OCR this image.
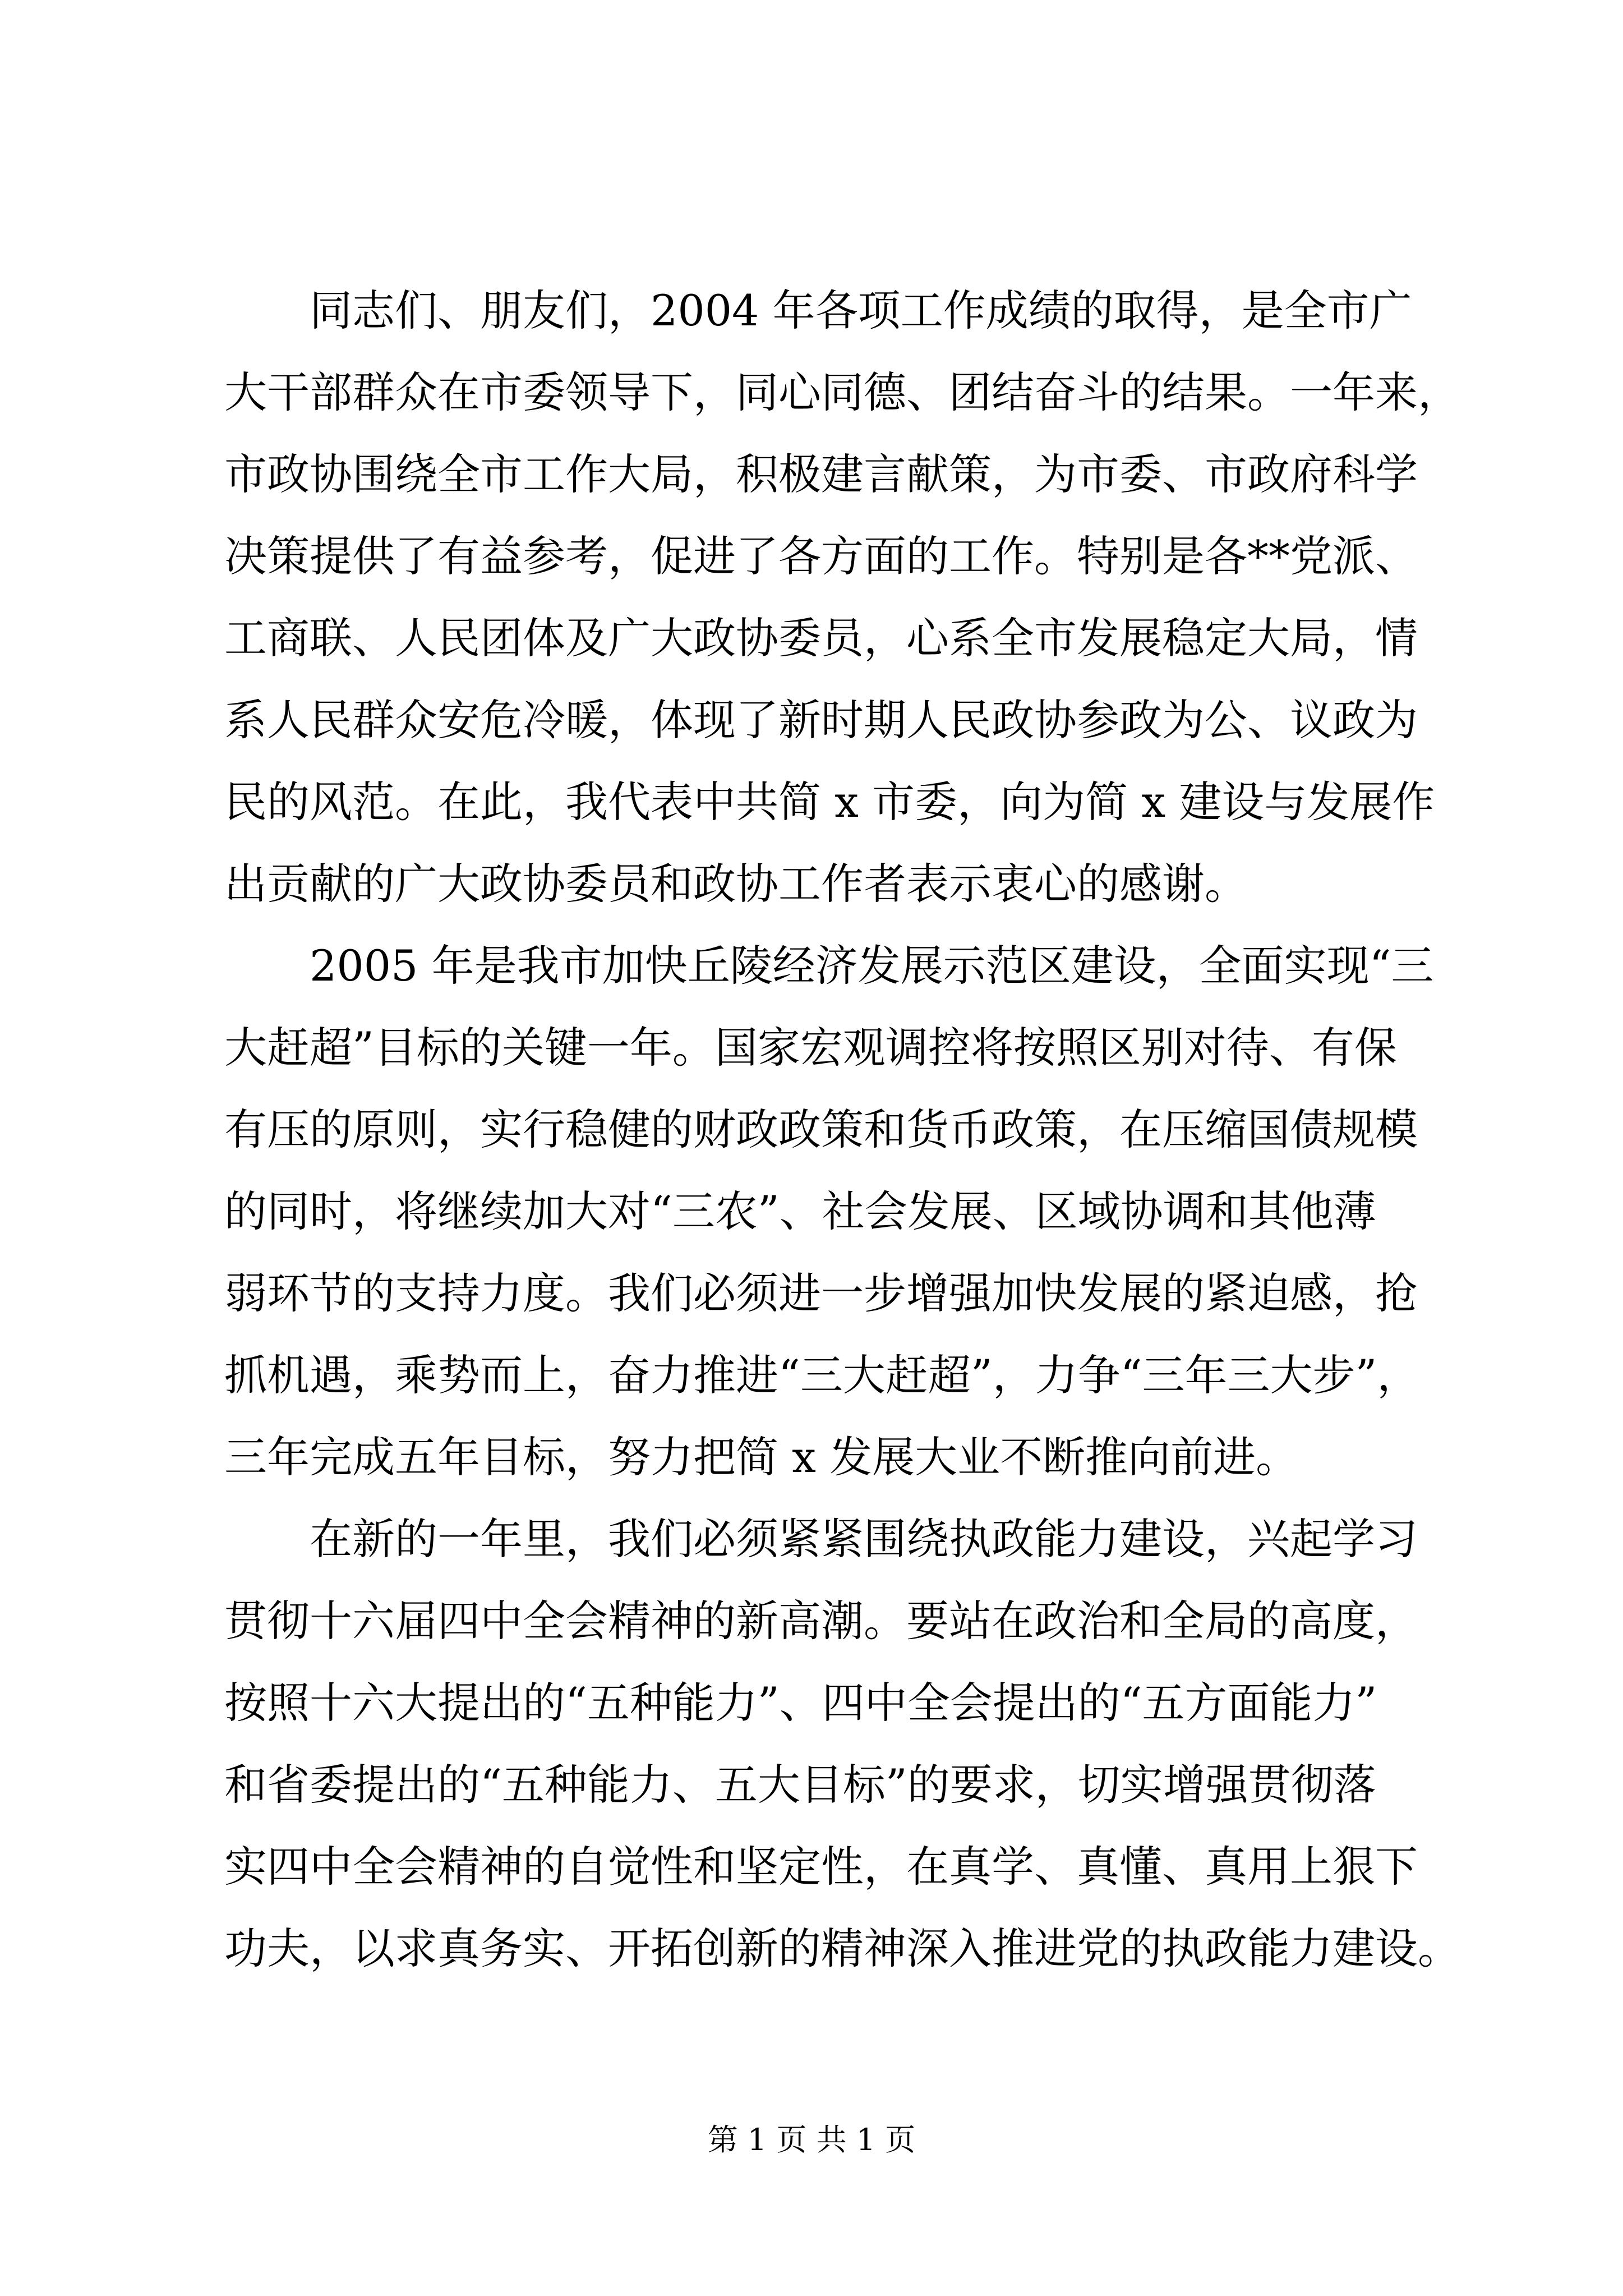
同志们、朋友们，2004 年各项工作成绩的取得，是全市广
大干部群众在市委领导下，同心同德、团结奋斗的结果。一年来，
市政协围绕全市工作大局，积极建言献策，为市委、市政府科学
决策提供了有益参考，促进了各方面的工作。特别是各**党派、
工商联、人民团体及广大政协委员，心系全市发展稳定大局，情
系人民群众安危冷暖，体现了新时期人民政协参政为公、议政为
民的风范。在此，我代表中共简 x 市委，向为简 x 建设与发展作
出贡献的广大政协委员和政协工作者表示衷心的感谢。
2005 年是我市加快丘陵经济发展示范区建设，全面实现“三
大赶超”目标的关键一年。国家宏观调控将按照区别对待、有保
有压的原则，实行稳健的财政政策和货币政策，在压缩国债规模
的同时，将继续加大对“三农”、社会发展、区域协调和其他薄
弱环节的支持力度。我们必须进一步增强加快发展的紧迫感，抢
抓机遇，乘势而上，奋力推进“三大赶超”，力争“三年三大步”，
三年完成五年目标，努力把简 x 发展大业不断推向前进。
在新的一年里，我们必须紧紧围绕执政能力建设，兴起学习
贯彻十六届四中全会精神的新高潮。要站在政治和全局的高度，
按照十六大提出的“五种能力”、四中全会提出的“五方面能力”
和省委提出的“五种能力、五大目标”的要求，切实增强贯彻落
实四中全会精神的自觉性和坚定性，在真学、真懂、真用上狠下
功夫，以求真务实、开拓创新的精神深入推进党的执政能力建设。
第 1 页 共 1 页
